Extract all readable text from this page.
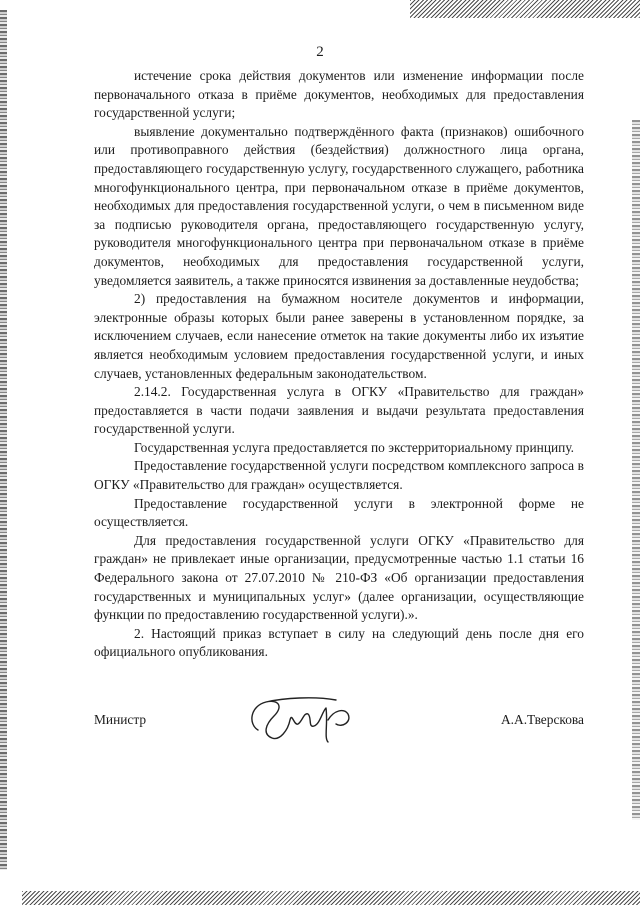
2

истечение срока действия документов или изменение информации после первоначального отказа в приёме документов, необходимых для предоставления государственной услуги;

выявление документально подтверждённого факта (признаков) ошибочного или противоправного действия (бездействия) должностного лица органа, предоставляющего государственную услугу, государственного служащего, работника многофункционального центра, при первоначальном отказе в приёме документов, необходимых для предоставления государственной услуги, о чем в письменном виде за подписью руководителя органа, предоставляющего государственную услугу, руководителя многофункционального центра при первоначальном отказе в приёме документов, необходимых для предоставления государственной услуги, уведомляется заявитель, а также приносятся извинения за доставленные неудобства;

2) предоставления на бумажном носителе документов и информации, электронные образы которых были ранее заверены в установленном порядке, за исключением случаев, если нанесение отметок на такие документы либо их изъятие является необходимым условием предоставления государственной услуги, и иных случаев, установленных федеральным законодательством.

2.14.2. Государственная услуга в ОГКУ «Правительство для граждан» предоставляется в части подачи заявления и выдачи результата предоставления государственной услуги.

Государственная услуга предоставляется по экстерриториальному принципу.

Предоставление государственной услуги посредством комплексного запроса в ОГКУ «Правительство для граждан» осуществляется.

Предоставление государственной услуги в электронной форме не осуществляется.

Для предоставления государственной услуги ОГКУ «Правительство для граждан» не привлекает иные организации, предусмотренные частью 1.1 статьи 16 Федерального закона от 27.07.2010 № 210-ФЗ «Об организации предоставления государственных и муниципальных услуг» (далее организации, осуществляющие функции по предоставлению государственной услуги).».

2. Настоящий приказ вступает в силу на следующий день после дня его официального опубликования.

Министр	А.А.Тверскова
